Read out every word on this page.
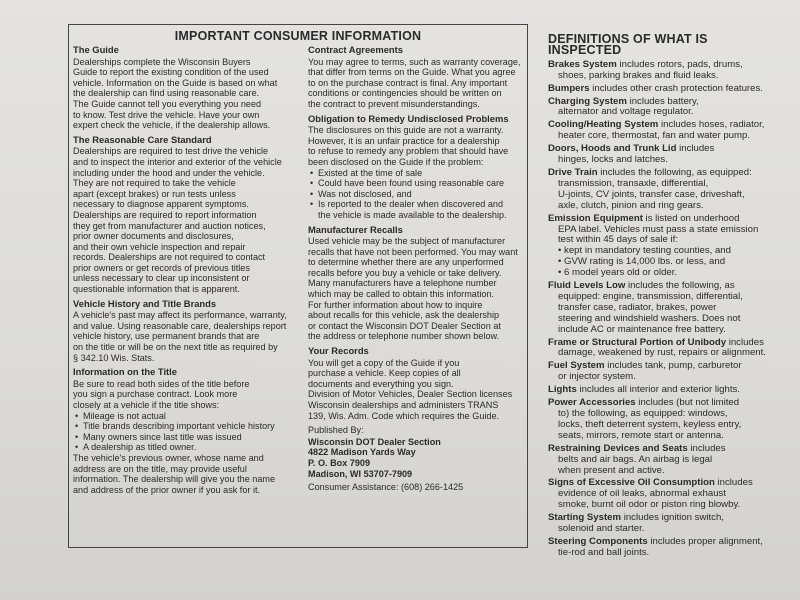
IMPORTANT CONSUMER INFORMATION
The Guide
Dealerships complete the Wisconsin Buyers
Guide to report the existing condition of the used
vehicle. Information on the Guide is based on what
the dealership can find using reasonable care.
The Guide cannot tell you everything you need
to know. Test drive the vehicle. Have your own
expert check the vehicle, if the dealership allows.
The Reasonable Care Standard
Dealerships are required to test drive the vehicle
and to inspect the interior and exterior of the vehicle
including under the hood and under the vehicle.
They are not required to take the vehicle
apart (except brakes) or run tests unless
necessary to diagnose apparent symptoms.
Dealerships are required to report information
they get from manufacturer and auction notices,
prior owner documents and disclosures,
and their own vehicle inspection and repair
records. Dealerships are not required to contact
prior owners or get records of previous titles
unless necessary to clear up inconsistent or
questionable information that is apparent.
Vehicle History and Title Brands
A vehicle's past may affect its performance, warranty,
and value. Using reasonable care, dealerships report
vehicle history, use permanent brands that are
on the title or will be on the next title as required by
§ 342.10 Wis. Stats.
Information on the Title
Be sure to read both sides of the title before
you sign a purchase contract. Look more
closely at a vehicle if the title shows:
• Mileage is not actual
• Title brands describing important vehicle history
• Many owners since last title was issued
• A dealership as titled owner.
The vehicle's previous owner, whose name and
address are on the title, may provide useful
information. The dealership will give you the name
and address of the prior owner if you ask for it.
Contract Agreements
You may agree to terms, such as warranty coverage,
that differ from terms on the Guide. What you agree
to on the purchase contract is final. Any important
conditions or contingencies should be written on
the contract to prevent misunderstandings.
Obligation to Remedy Undisclosed Problems
The disclosures on this guide are not a warranty.
However, it is an unfair practice for a dealership
to refuse to remedy any problem that should have
been disclosed on the Guide if the problem:
• Existed at the time of sale
• Could have been found using reasonable care
• Was not disclosed, and
• Is reported to the dealer when discovered and
the vehicle is made available to the dealership.
Manufacturer Recalls
Used vehicle may be the subject of manufacturer
recalls that have not been performed. You may want
to determine whether there are any unperformed
recalls before you buy a vehicle or take delivery.
Many manufacturers have a telephone number
which may be called to obtain this information.
For further information about how to inquire
about recalls for this vehicle, ask the dealership
or contact the Wisconsin DOT Dealer Section at
the address or telephone number shown below.
Your Records
You will get a copy of the Guide if you
purchase a vehicle. Keep copies of all
documents and everything you sign.
Division of Motor Vehicles, Dealer Section licenses
Wisconsin dealerships and administers TRANS
139, Wis. Adm. Code which requires the Guide.
Published By:
Wisconsin DOT Dealer Section
4822 Madison Yards Way
P. O. Box 7909
Madison, WI 53707-7909
Consumer Assistance: (608) 266-1425
DEFINITIONS OF WHAT IS INSPECTED
Brakes System includes rotors, pads, drums,
shoes, parking brakes and fluid leaks.
Bumpers includes other crash protection features.
Charging System includes battery,
alternator and voltage regulator.
Cooling/Heating System includes hoses, radiator,
heater core, thermostat, fan and water pump.
Doors, Hoods and Trunk Lid includes
hinges, locks and latches.
Drive Train includes the following, as equipped:
transmission, transaxle, differential,
U-joints, CV joints, transfer case, driveshaft,
axle, clutch, pinion and ring gears.
Emission Equipment is listed on underhood
EPA label. Vehicles must pass a state emission
test within 45 days of sale if:
• kept in mandatory testing counties, and
• GVW rating is 14,000 lbs. or less, and
• 6 model years old or older.
Fluid Levels Low includes the following, as
equipped: engine, transmission, differential,
transfer case, radiator, brakes, power
steering and windshield washers. Does not
include AC or maintenance free battery.
Frame or Structural Portion of Unibody includes
damage, weakened by rust, repairs or alignment.
Fuel System includes tank, pump, carburetor
or injector system.
Lights includes all interior and exterior lights.
Power Accessories includes (but not limited
to) the following, as equipped: windows,
locks, theft deterrent system, keyless entry,
seats, mirrors, remote start or antenna.
Restraining Devices and Seats includes
belts and air bags. An airbag is legal
when present and active.
Signs of Excessive Oil Consumption includes
evidence of oil leaks, abnormal exhaust
smoke, burnt oil odor or piston ring blowby.
Starting System includes ignition switch,
solenoid and starter.
Steering Components includes proper alignment,
tie-rod and ball joints.
